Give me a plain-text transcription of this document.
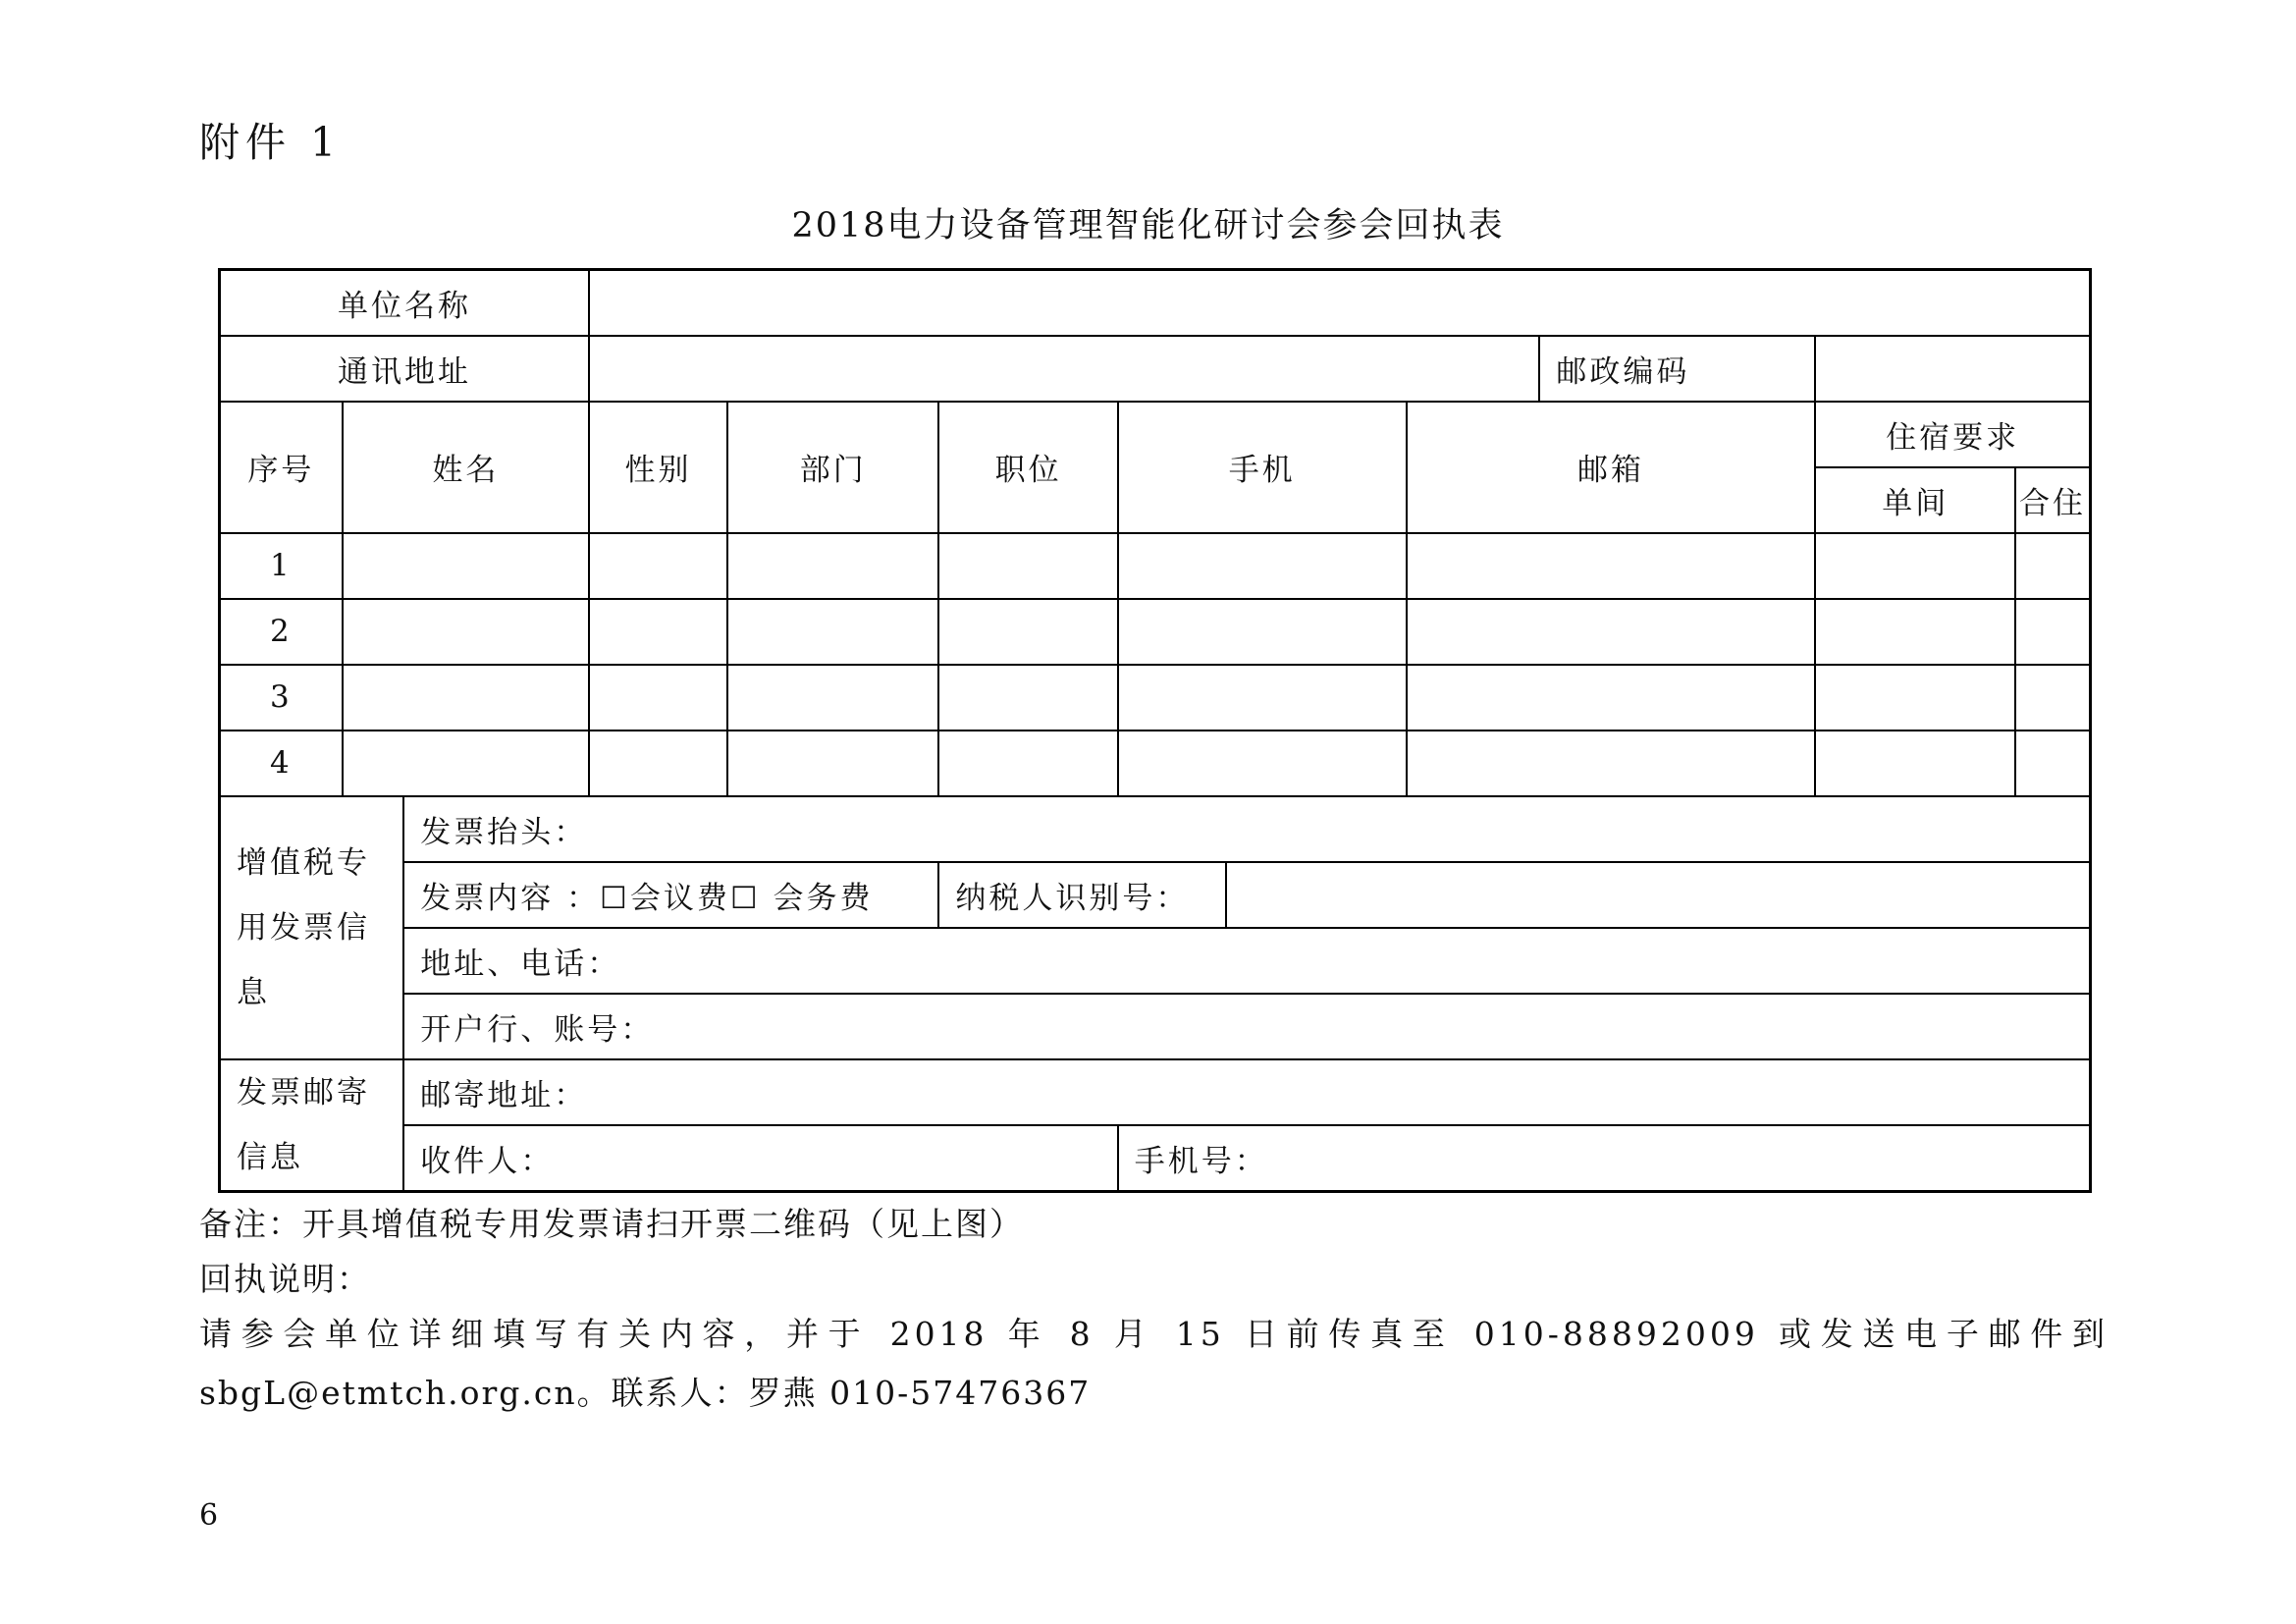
附件 1
2018电力设备管理智能化研讨会参会回执表
单位名称											
通讯地址									邮政编码		
序号	姓名		性别	部门	职位	手机		邮箱		住宿要求	
										单间	合住
1											
2											
3											
4											
增值税专用发票信息		发票抬头：									
		发票内容 ：☐会议费☐ 会务费			纳税人识别号：						
		地址、电话：									
		开户行、账号：									
发票邮寄信息		邮寄地址：									
		收件人：				手机号：					
备注：开具增值税专用发票请扫开票二维码（见上图）
回执说明：
请参会单位详细填写有关内容，并于 2018 年 8 月 15 日前传真至 010-88892009 或发送电子邮件到
sbgL@etmtch.org.cn。联系人：罗燕 010-57476367
6
